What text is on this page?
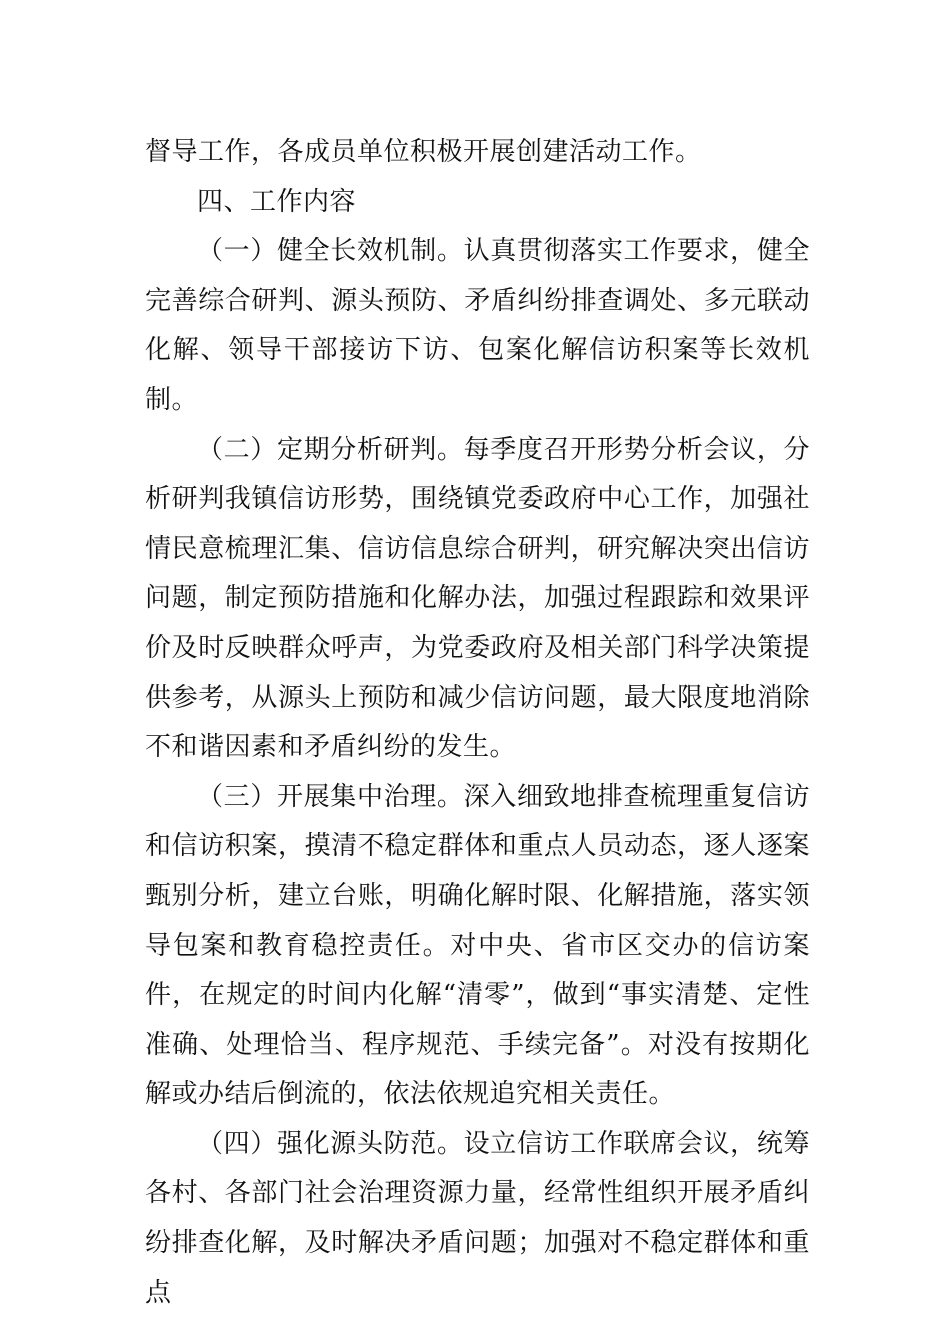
督导工作，各成员单位积极开展创建活动工作。

四、工作内容

（一）健全长效机制。认真贯彻落实工作要求，健全完善综合研判、源头预防、矛盾纠纷排查调处、多元联动化解、领导干部接访下访、包案化解信访积案等长效机制。

（二）定期分析研判。每季度召开形势分析会议，分析研判我镇信访形势，围绕镇党委政府中心工作，加强社情民意梳理汇集、信访信息综合研判，研究解决突出信访问题，制定预防措施和化解办法，加强过程跟踪和效果评价及时反映群众呼声，为党委政府及相关部门科学决策提供参考，从源头上预防和减少信访问题，最大限度地消除不和谐因素和矛盾纠纷的发生。

（三）开展集中治理。深入细致地排查梳理重复信访和信访积案，摸清不稳定群体和重点人员动态，逐人逐案甄别分析，建立台账，明确化解时限、化解措施，落实领导包案和教育稳控责任。对中央、省市区交办的信访案件，在规定的时间内化解“清零”，做到“事实清楚、定性准确、处理恰当、程序规范、手续完备”。对没有按期化解或办结后倒流的，依法依规追究相关责任。

（四）强化源头防范。设立信访工作联席会议，统筹各村、各部门社会治理资源力量，经常性组织开展矛盾纠纷排查化解，及时解决矛盾问题；加强对不稳定群体和重点
